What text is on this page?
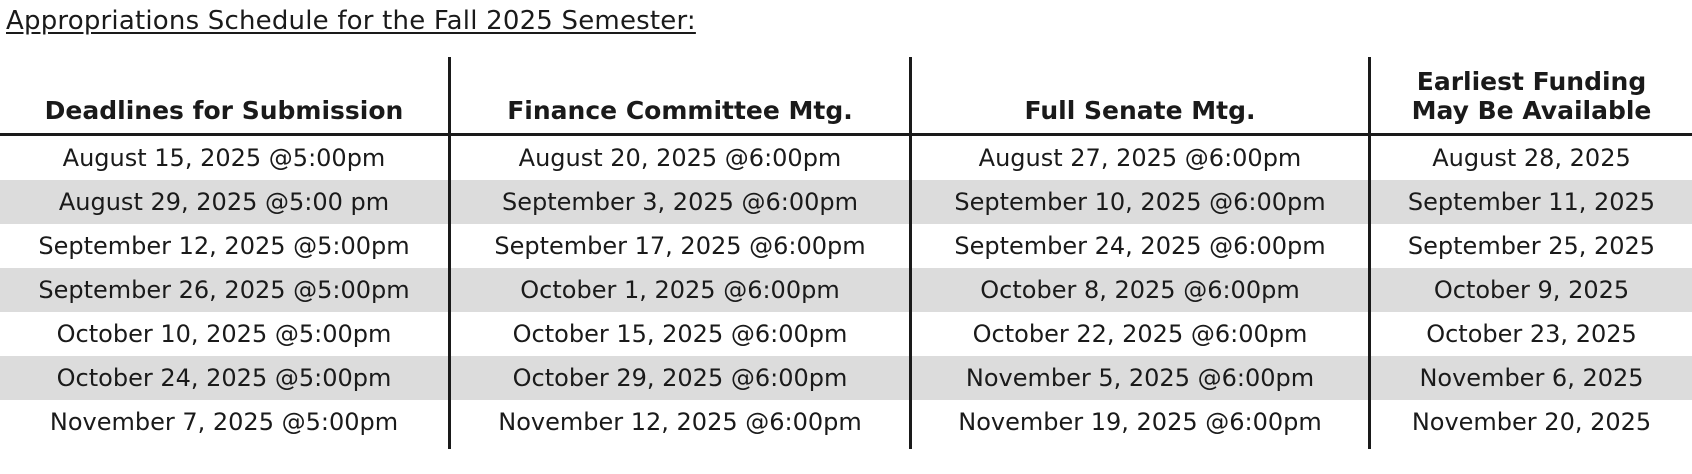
Appropriations Schedule for the Fall 2025 Semester:
Deadlines for Submission	Finance Committee Mtg.	Full Senate Mtg.
Earliest Funding
May Be Available
August 15, 2025 @5:00pm	August 20, 2025 @6:00pm	August 27, 2025 @6:00pm	August 28, 2025
August 29, 2025 @5:00 pm	September 3, 2025 @6:00pm	September 10, 2025 @6:00pm	September 11, 2025
September 12, 2025 @5:00pm	September 17, 2025 @6:00pm	September 24, 2025 @6:00pm	September 25, 2025
September 26, 2025 @5:00pm	October 1, 2025 @6:00pm	October 8, 2025 @6:00pm	October 9, 2025
October 10, 2025 @5:00pm	October 15, 2025 @6:00pm	October 22, 2025 @6:00pm	October 23, 2025
October 24, 2025 @5:00pm	October 29, 2025 @6:00pm	November 5, 2025 @6:00pm	November 6, 2025
November 7, 2025 @5:00pm	November 12, 2025 @6:00pm	November 19, 2025 @6:00pm	November 20, 2025
